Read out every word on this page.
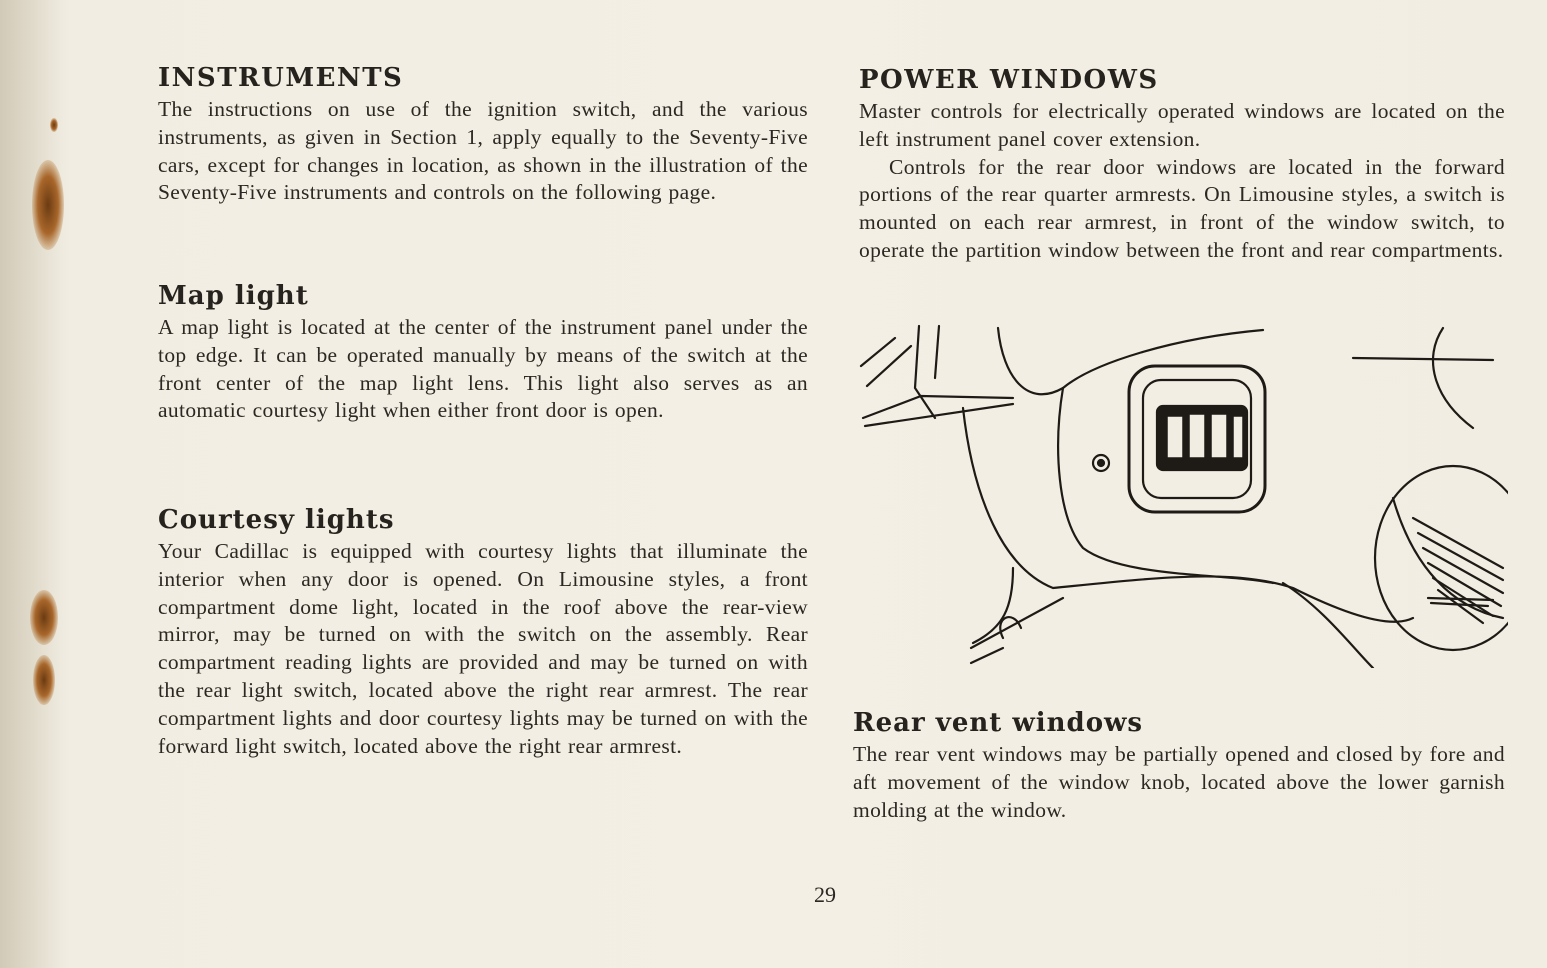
INSTRUMENTS

The instructions on use of the ignition switch, and the various instruments, as given in Section 1, apply equally to the Seventy-Five cars, except for changes in location, as shown in the illustration of the Seventy-Five instruments and controls on the following page.

Map light

A map light is located at the center of the instrument panel under the top edge. It can be operated manually by means of the switch at the front center of the map light lens. This light also serves as an automatic courtesy light when either front door is open.

Courtesy lights

Your Cadillac is equipped with courtesy lights that illuminate the interior when any door is opened. On Limousine styles, a front compartment dome light, located in the roof above the rear-view mirror, may be turned on with the switch on the assembly. Rear compartment reading lights are provided and may be turned on with the rear light switch, located above the right rear armrest. The rear compartment lights and door courtesy lights may be turned on with the forward light switch, located above the right rear armrest.

POWER WINDOWS

Master controls for electrically operated windows are located on the left instrument panel cover extension.

Controls for the rear door windows are located in the forward portions of the rear quarter armrests. On Limousine styles, a switch is mounted on each rear armrest, in front of the window switch, to operate the partition window between the front and rear compartments.

Rear vent windows

The rear vent windows may be partially opened and closed by fore and aft movement of the window knob, located above the lower garnish molding at the window.

29
